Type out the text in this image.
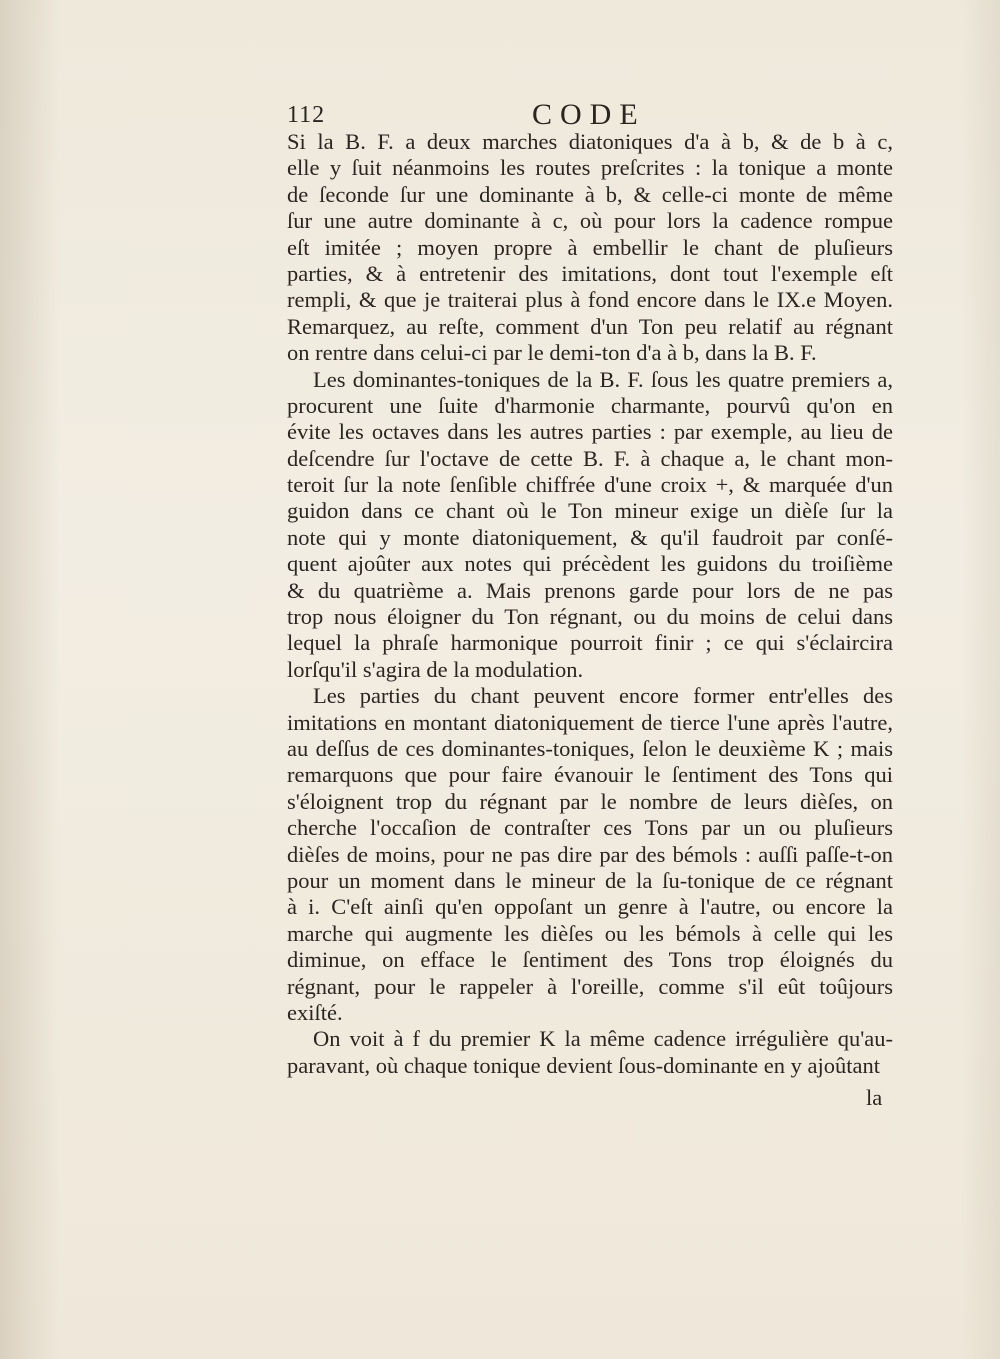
112	CODE
Si la B. F. a deux marches diatoniques d'a à b, & de b à c,
elle y ſuit néanmoins les routes preſcrites : la tonique a monte
de ſeconde ſur une dominante à b, & celle-ci monte de même
ſur une autre dominante à c, où pour lors la cadence rompue
eſt imitée ; moyen propre à embellir le chant de pluſieurs
parties, & à entretenir des imitations, dont tout l'exemple eſt
rempli, & que je traiterai plus à fond encore dans le IX.e Moyen.
Remarquez, au reſte, comment d'un Ton peu relatif au régnant
on rentre dans celui-ci par le demi-ton d'a à b, dans la B. F.
Les dominantes-toniques de la B. F. ſous les quatre premiers a,
procurent une ſuite d'harmonie charmante, pourvû qu'on en
évite les octaves dans les autres parties : par exemple, au lieu de
deſcendre ſur l'octave de cette B. F. à chaque a, le chant mon-
teroit ſur la note ſenſible chiffrée d'une croix +, & marquée d'un
guidon dans ce chant où le Ton mineur exige un dièſe ſur la
note qui y monte diatoniquement, & qu'il faudroit par conſé-
quent ajoûter aux notes qui précèdent les guidons du troiſième
& du quatrième a. Mais prenons garde pour lors de ne pas
trop nous éloigner du Ton régnant, ou du moins de celui dans
lequel la phraſe harmonique pourroit finir ; ce qui s'éclaircira
lorſqu'il s'agira de la modulation.
Les parties du chant peuvent encore former entr'elles des
imitations en montant diatoniquement de tierce l'une après l'autre,
au deſſus de ces dominantes-toniques, ſelon le deuxième K ; mais
remarquons que pour faire évanouir le ſentiment des Tons qui
s'éloignent trop du régnant par le nombre de leurs dièſes, on
cherche l'occaſion de contraſter ces Tons par un ou pluſieurs
dièſes de moins, pour ne pas dire par des bémols : auſſi paſſe-t-on
pour un moment dans le mineur de la ſu-tonique de ce régnant
à i. C'eſt ainſi qu'en oppoſant un genre à l'autre, ou encore la
marche qui augmente les dièſes ou les bémols à celle qui les
diminue, on efface le ſentiment des Tons trop éloignés du
régnant, pour le rappeler à l'oreille, comme s'il eût toûjours
exiſté.
On voit à f du premier K la même cadence irrégulière qu'au-
paravant, où chaque tonique devient ſous-dominante en y ajoûtant
la
